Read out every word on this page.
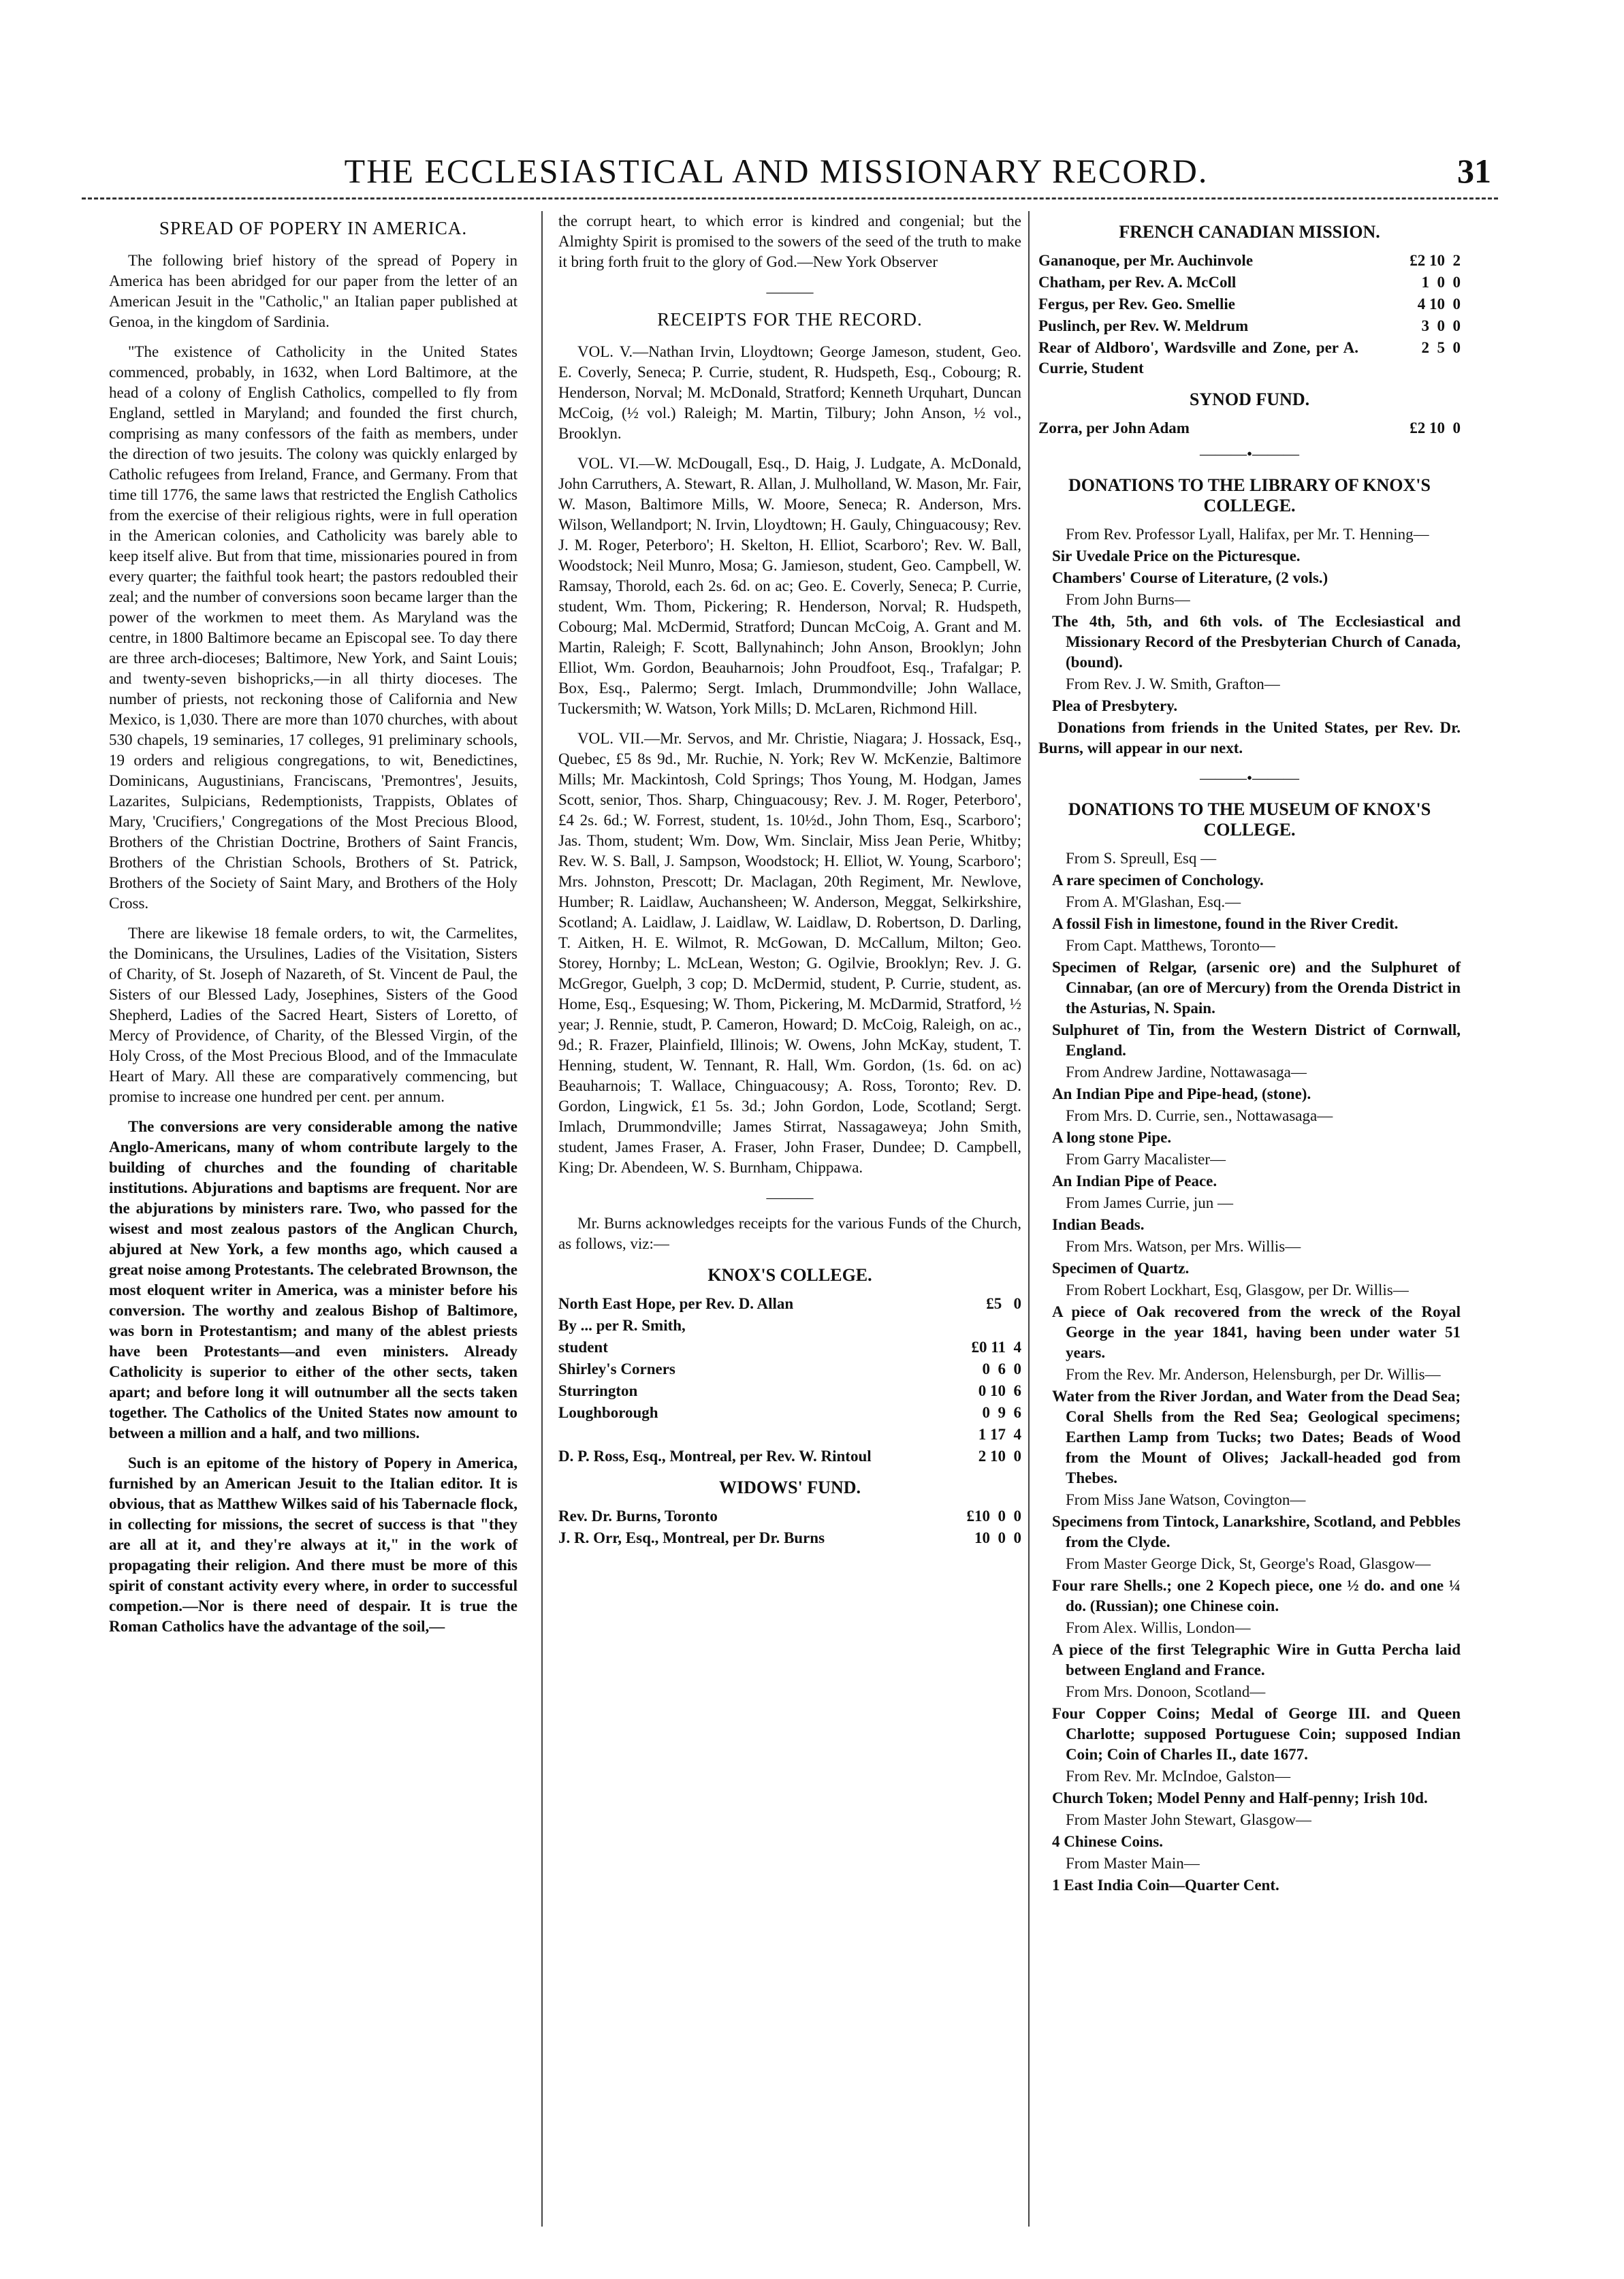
THE ECCLESIASTICAL AND MISSIONARY RECORD.	31
SPREAD OF POPERY IN AMERICA.

The following brief history of the spread of Popery in America has been abridged for our paper from the letter of an American Jesuit in the "Catholic," an Italian paper published at Genoa, in the kingdom of Sardinia.

"The existence of Catholicity in the United States commenced, probably, in 1632, when Lord Baltimore, at the head of a colony of English Catholics, compelled to fly from England, settled in Maryland; and founded the first church, comprising as many confessors of the faith as members, under the direction of two jesuits. The colony was quickly enlarged by Catholic refugees from Ireland, France, and Germany. From that time till 1776, the same laws that restricted the English Catholics from the exercise of their religious rights, were in full operation in the American colonies, and Catholicity was barely able to keep itself alive. But from that time, missionaries poured in from every quarter; the faithful took heart; the pastors redoubled their zeal; and the number of conversions soon became larger than the power of the workmen to meet them. As Maryland was the centre, in 1800 Baltimore became an Episcopal see. To day there are three arch-dioceses; Baltimore, New York, and Saint Louis; and twenty-seven bishopricks,—in all thirty dioceses. The number of priests, not reckoning those of California and New Mexico, is 1,030. There are more than 1070 churches, with about 530 chapels, 19 seminaries, 17 colleges, 91 preliminary schools, 19 orders and religious congregations, to wit, Benedictines, Dominicans, Augustinians, Franciscans, 'Premontres', Jesuits, Lazarites, Sulpicians, Redemptionists, Trappists, Oblates of Mary, 'Crucifiers,' Congregations of the Most Precious Blood, Brothers of the Christian Doctrine, Brothers of Saint Francis, Brothers of the Christian Schools, Brothers of St. Patrick, Brothers of the Society of Saint Mary, and Brothers of the Holy Cross.

There are likewise 18 female orders, to wit, the Carmelites, the Dominicans, the Ursulines, Ladies of the Visitation, Sisters of Charity, of St. Joseph of Nazareth, of St. Vincent de Paul, the Sisters of our Blessed Lady, Josephines, Sisters of the Good Shepherd, Ladies of the Sacred Heart, Sisters of Loretto, of Mercy of Providence, of Charity, of the Blessed Virgin, of the Holy Cross, of the Most Precious Blood, and of the Immaculate Heart of Mary. All these are comparatively commencing, but promise to increase one hundred per cent. per annum.

The conversions are very considerable among the native Anglo-Americans, many of whom contribute largely to the building of churches and the founding of charitable institutions. Abjurations and baptisms are frequent. Nor are the abjurations by ministers rare. Two, who passed for the wisest and most zealous pastors of the Anglican Church, abjured at New York, a few months ago, which caused a great noise among Protestants. The celebrated Brownson, the most eloquent writer in America, was a minister before his conversion. The worthy and zealous Bishop of Baltimore, was born in Protestantism; and many of the ablest priests have been Protestants—and even ministers. Already Catholicity is superior to either of the other sects, taken apart; and before long it will outnumber all the sects taken together. The Catholics of the United States now amount to between a million and a half, and two millions.

Such is an epitome of the history of Popery in America, furnished by an American Jesuit to the Italian editor. It is obvious, that as Matthew Wilkes said of his Tabernacle flock, in collecting for missions, the secret of success is that "they are all at it, and they're always at it," in the work of propagating their religion. And there must be more of this spirit of constant activity every where, in order to successful competion.—Nor is there need of despair. It is true the Roman Catholics have the advantage of the soil,—

the corrupt heart, to which error is kindred and congenial; but the Almighty Spirit is promised to the sowers of the seed of the truth to make it bring forth fruit to the glory of God.—New York Observer

———
RECEIPTS FOR THE RECORD.

VOL. V.—Nathan Irvin, Lloydtown; George Jameson, student, Geo. E. Coverly, Seneca; P. Currie, student, R. Hudspeth, Esq., Cobourg; R. Henderson, Norval; M. McDonald, Stratford; Kenneth Urquhart, Duncan McCoig, (½ vol.) Raleigh; M. Martin, Tilbury; John Anson, ½ vol., Brooklyn.

VOL. VI.—W. McDougall, Esq., D. Haig, J. Ludgate, A. McDonald, John Carruthers, A. Stewart, R. Allan, J. Mulholland, W. Mason, Mr. Fair, W. Mason, Baltimore Mills, W. Moore, Seneca; R. Anderson, Mrs. Wilson, Wellandport; N. Irvin, Lloydtown; H. Gauly, Chinguacousy; Rev. J. M. Roger, Peterboro'; H. Skelton, H. Elliot, Scarboro'; Rev. W. Ball, Woodstock; Neil Munro, Mosa; G. Jamieson, student, Geo. Campbell, W. Ramsay, Thorold, each 2s. 6d. on ac; Geo. E. Coverly, Seneca; P. Currie, student, Wm. Thom, Pickering; R. Henderson, Norval; R. Hudspeth, Cobourg; Mal. McDermid, Stratford; Duncan McCoig, A. Grant and M. Martin, Raleigh; F. Scott, Ballynahinch; John Anson, Brooklyn; John Elliot, Wm. Gordon, Beauharnois; John Proudfoot, Esq., Trafalgar; P. Box, Esq., Palermo; Sergt. Imlach, Drummondville; John Wallace, Tuckersmith; W. Watson, York Mills; D. McLaren, Richmond Hill.

VOL. VII.—Mr. Servos, and Mr. Christie, Niagara; J. Hossack, Esq., Quebec, £5 8s 9d., Mr. Ruchie, N. York; Rev W. McKenzie, Baltimore Mills; Mr. Mackintosh, Cold Springs; Thos Young, M. Hodgan, James Scott, senior, Thos. Sharp, Chinguacousy; Rev. J. M. Roger, Peterboro', £4 2s. 6d.; W. Forrest, student, 1s. 10½d., John Thom, Esq., Scarboro'; Jas. Thom, student; Wm. Dow, Wm. Sinclair, Miss Jean Perie, Whitby; Rev. W. S. Ball, J. Sampson, Woodstock; H. Elliot, W. Young, Scarboro'; Mrs. Johnston, Prescott; Dr. Maclagan, 20th Regiment, Mr. Newlove, Humber; R. Laidlaw, Auchansheen; W. Anderson, Meggat, Selkirkshire, Scotland; A. Laidlaw, J. Laidlaw, W. Laidlaw, D. Robertson, D. Darling, T. Aitken, H. E. Wilmot, R. McGowan, D. McCallum, Milton; Geo. Storey, Hornby; L. McLean, Weston; G. Ogilvie, Brooklyn; Rev. J. G. McGregor, Guelph, 3 cop; D. McDermid, student, P. Currie, student, as. Home, Esq., Esquesing; W. Thom, Pickering, M. McDarmid, Stratford, ½ year; J. Rennie, studt, P. Cameron, Howard; D. McCoig, Raleigh, on ac., 9d.; R. Frazer, Plainfield, Illinois; W. Owens, John McKay, student, T. Henning, student, W. Tennant, R. Hall, Wm. Gordon, (1s. 6d. on ac) Beauharnois; T. Wallace, Chinguacousy; A. Ross, Toronto; Rev. D. Gordon, Lingwick, £1 5s. 3d.; John Gordon, Lode, Scotland; Sergt. Imlach, Drummondville; James Stirrat, Nassagaweya; John Smith, student, James Fraser, A. Fraser, John Fraser, Dundee; D. Campbell, King; Dr. Abendeen, W. S. Burnham, Chippawa.

———

Mr. Burns acknowledges receipts for the various Funds of the Church, as follows, viz:—

KNOX'S COLLEGE.
North East Hope, per Rev. D. Allan	£5   0
By ... per R. Smith,
student	£0 11  4
Shirley's Corners	0  6  0
Sturrington	0 10  6
Loughborough	0  9  6
1 17  4
D. P. Ross, Esq., Montreal, per Rev. W. Rintoul	2 10  0
WIDOWS' FUND.
Rev. Dr. Burns, Toronto	£10  0  0
J. R. Orr, Esq., Montreal, per Dr. Burns	10  0  0
FRENCH CANADIAN MISSION.
Gananoque, per Mr. Auchinvole	£2 10  2
Chatham, per Rev. A. McColl	1  0  0
Fergus, per Rev. Geo. Smellie	4 10  0
Puslinch, per Rev. W. Meldrum	3  0  0
Rear of Aldboro', Wardsville and Zone, per A. Currie, Student
2  5  0
SYNOD FUND.
Zorra, per John Adam	£2 10  0
———•———
DONATIONS TO THE LIBRARY OF KNOX'S COLLEGE.
From Rev. Professor Lyall, Halifax, per Mr. T. Henning—
Sir Uvedale Price on the Picturesque.
Chambers' Course of Literature, (2 vols.)
From John Burns—
The 4th, 5th, and 6th vols. of The Ecclesiastical and Missionary Record of the Presbyterian Church of Canada, (bound).
From Rev. J. W. Smith, Grafton—
Plea of Presbytery.

Donations from friends in the United States, per Rev. Dr. Burns, will appear in our next.

———•———
DONATIONS TO THE MUSEUM OF KNOX'S COLLEGE.
From S. Spreull, Esq —
A rare specimen of Conchology.
From A. M'Glashan, Esq.—
A fossil Fish in limestone, found in the River Credit.
From Capt. Matthews, Toronto—
Specimen of Relgar, (arsenic ore) and the Sulphuret of Cinnabar, (an ore of Mercury) from the Orenda District in the Asturias, N. Spain.
Sulphuret of Tin, from the Western District of Cornwall, England.
From Andrew Jardine, Nottawasaga—
An Indian Pipe and Pipe-head, (stone).
From Mrs. D. Currie, sen., Nottawasaga—
A long stone Pipe.
From Garry Macalister—
An Indian Pipe of Peace.
From James Currie, jun —
Indian Beads.
From Mrs. Watson, per Mrs. Willis—
Specimen of Quartz.
From Robert Lockhart, Esq, Glasgow, per Dr. Willis—
A piece of Oak recovered from the wreck of the Royal George in the year 1841, having been under water 51 years.
From the Rev. Mr. Anderson, Helensburgh, per Dr. Willis—
Water from the River Jordan, and Water from the Dead Sea; Coral Shells from the Red Sea; Geological specimens; Earthen Lamp from Tucks; two Dates; Beads of Wood from the Mount of Olives; Jackall-headed god from Thebes.
From Miss Jane Watson, Covington—
Specimens from Tintock, Lanarkshire, Scotland, and Pebbles from the Clyde.
From Master George Dick, St, George's Road, Glasgow—
Four rare Shells.; one 2 Kopech piece, one ½ do. and one ¼ do. (Russian); one Chinese coin.
From Alex. Willis, London—
A piece of the first Telegraphic Wire in Gutta Percha laid between England and France.
From Mrs. Donoon, Scotland—
Four Copper Coins; Medal of George III. and Queen Charlotte; supposed Portuguese Coin; supposed Indian Coin; Coin of Charles II., date 1677.
From Rev. Mr. McIndoe, Galston—
Church Token; Model Penny and Half-penny; Irish 10d.
From Master John Stewart, Glasgow—
4 Chinese Coins.
From Master Main—
1 East India Coin—Quarter Cent.
